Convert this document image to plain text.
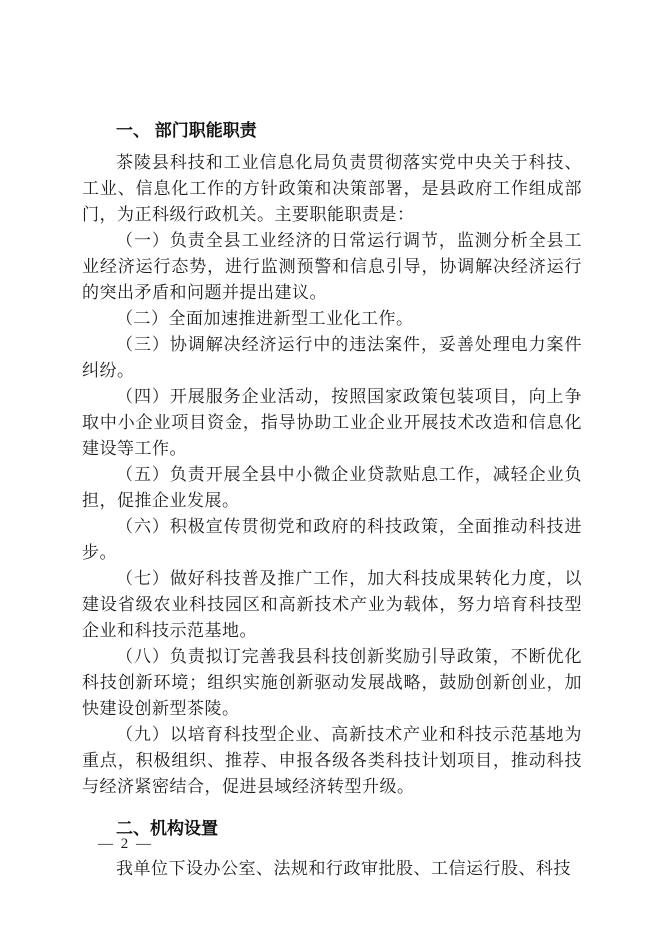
一、 部门职能职责

茶陵县科技和工业信息化局负责贯彻落实党中央关于科技、工业、信息化工作的方针政策和决策部署，是县政府工作组成部门，为正科级行政机关。主要职能职责是：

（一）负责全县工业经济的日常运行调节，监测分析全县工业经济运行态势，进行监测预警和信息引导，协调解决经济运行的突出矛盾和问题并提出建议。

（二）全面加速推进新型工业化工作。

（三）协调解决经济运行中的违法案件，妥善处理电力案件纠纷。

（四）开展服务企业活动，按照国家政策包装项目，向上争取中小企业项目资金，指导协助工业企业开展技术改造和信息化建设等工作。

（五）负责开展全县中小微企业贷款贴息工作，减轻企业负担，促推企业发展。

（六）积极宣传贯彻党和政府的科技政策，全面推动科技进步。

（七）做好科技普及推广工作，加大科技成果转化力度，以建设省级农业科技园区和高新技术产业为载体，努力培育科技型企业和科技示范基地。

（八）负责拟订完善我县科技创新奖励引导政策，不断优化科技创新环境；组织实施创新驱动发展战略，鼓励创新创业，加快建设创新型茶陵。

（九）以培育科技型企业、高新技术产业和科技示范基地为重点，积极组织、推荐、申报各级各类科技计划项目，推动科技与经济紧密结合，促进县域经济转型升级。

二、机构设置

我单位下设办公室、法规和行政审批股、工信运行股、科技

— 2 —
